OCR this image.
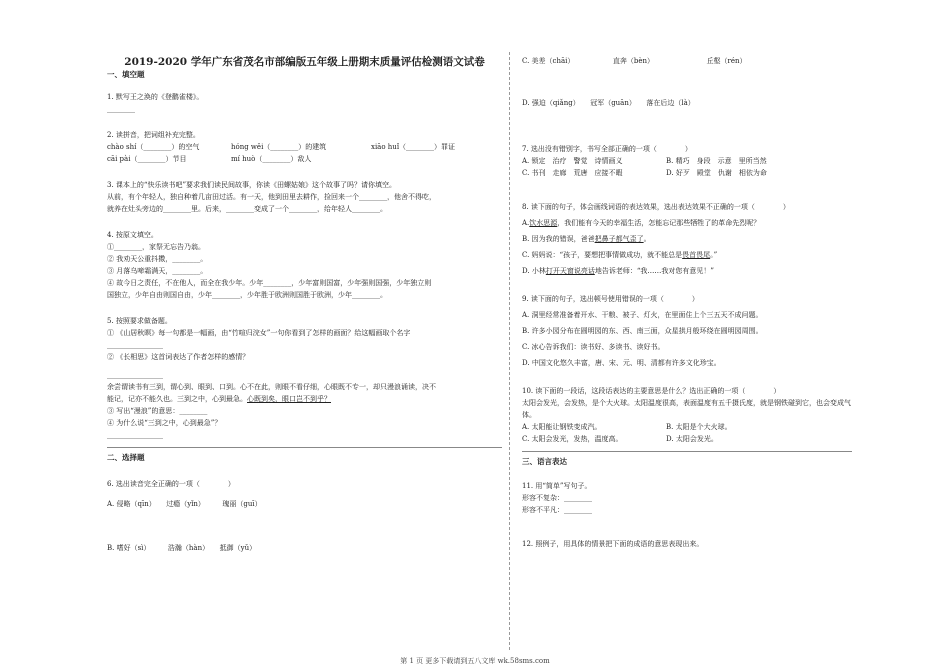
2019-2020 学年广东省茂名市部编版五年级上册期末质量评估检测语文试卷

一、填空题

1. 默写王之涣的《登鹳雀楼》。

________

2. 读拼音，把词组补充完整。

chào shí（________）的空气	hóng wěi（________）的建筑	xiāo huǐ（________）罪证

cāi pài（________）节目	mí huò（________）敌人

3. 课本上的“快乐读书吧”要求我们读民间故事，你读《田螺姑娘》这个故事了吗？请你填空。

从前，有个年轻人，独自种着几亩田过活。有一天，他到田里去耕作，捡回来一个________，他舍不得吃，

就养在灶头旁边的________里。后来，________变成了一个________，给年轻人________。

4. 按原文填空。

①________，家祭无忘告乃翁。

② 我劝天公重抖擞，________。

③ 月落乌啼霜满天，________。

④ 故今日之责任，不在他人，而全在我少年。少年________，少年富则国富，少年强则国强，少年独立则

国独立，少年自由则国自由，少年________，少年胜于欧洲则国胜于欧洲，少年________。

5. 按照要求做备题。

① 《山居秋暝》每一句都是一幅画，由“竹喧归浣女”一句你看到了怎样的画面？给这幅画取个名字

________________

② 《长相思》这首词表达了作者怎样的感情？

________________

余尝谓读书有三到，谓心到、眼到、口到。心不在此，则眼不看仔细，心眼既不专一，却只漫浪诵读，决不

能记，记亦不能久也。三到之中，心到最急。心既到矣，眼口岂不到乎？

③ 写出“漫浪”的意思：________

④ 为什么说“三到之中，心到最急”？

________________

二、选择题

6. 选出读音完全正确的一项（　　　　）

A. 侵略（qīn）　　过瘾（yǐn）　　　瑰丽（guī）

B. 嗜好（sì）　　　浩瀚（hàn）　　抵御（yǔ）

C. 美差（chāi）　　　　　　直奔（bèn）　　　　　　　　丘壑（rén）

D. 强迫（qiǎng）　　冠军（guān）　　落在后边（là）

7. 选出没有错别字，书写全部正确的一项（　　　　）

A. 锁定　治疗　警觉　诗情画义	B. 精巧　身段　示意　里所当然

C. 书刊　走廊　荒唐　应接不暇	D. 好歹　殿堂　仇谢　相依为命

8. 读下面的句子，体会画线词语的表达效果，选出表达效果不正确的一项（　　　　）

A.饮水思源，我们能有今天的幸福生活，怎能忘记那些牺牲了的革命先烈呢？

B. 因为我的错误，爸爸把鼻子都气歪了。

C. 妈妈说：“孩子，要想把事情做成功，就不能总是畏首畏尾。”

D. 小林打开天窗说亮话地告诉老师：“我……我对您有意见！”

9. 读下面的句子，选出顿号使用错误的一项（　　　　）

A. 洞里经常准备着开水、干粮、被子、灯火，在里面住上个三五天不成问题。

B. 许多小园分布在圆明园的东、西、南三面，众星拱月般环绕在圆明园周围。

C. 冰心告诉我们：读书好、多读书、读好书。

D. 中国文化悠久丰富，唐、宋、元、明、清都有许多文化珍宝。

10. 读下面的一段话，这段话表达的主要意思是什么？选出正确的一项（　　　　）

太阳会发光，会发热，是个大火球。太阳温度很高，表面温度有五千摄氏度，就是钢铁碰到它，也会变成气

体。

A. 太阳能让钢铁变成汽。	B. 太阳是个大火球。

C. 太阳会发光，发热，温度高。	D. 太阳会发光。

三、语言表达

11. 用“简单”写句子。

形容不复杂：________

形容不平凡：________

12. 照例子，用具体的情景把下面的成语的意思表现出来。

第 1 页 更多下载请到五八文库 wk.58sms.com
